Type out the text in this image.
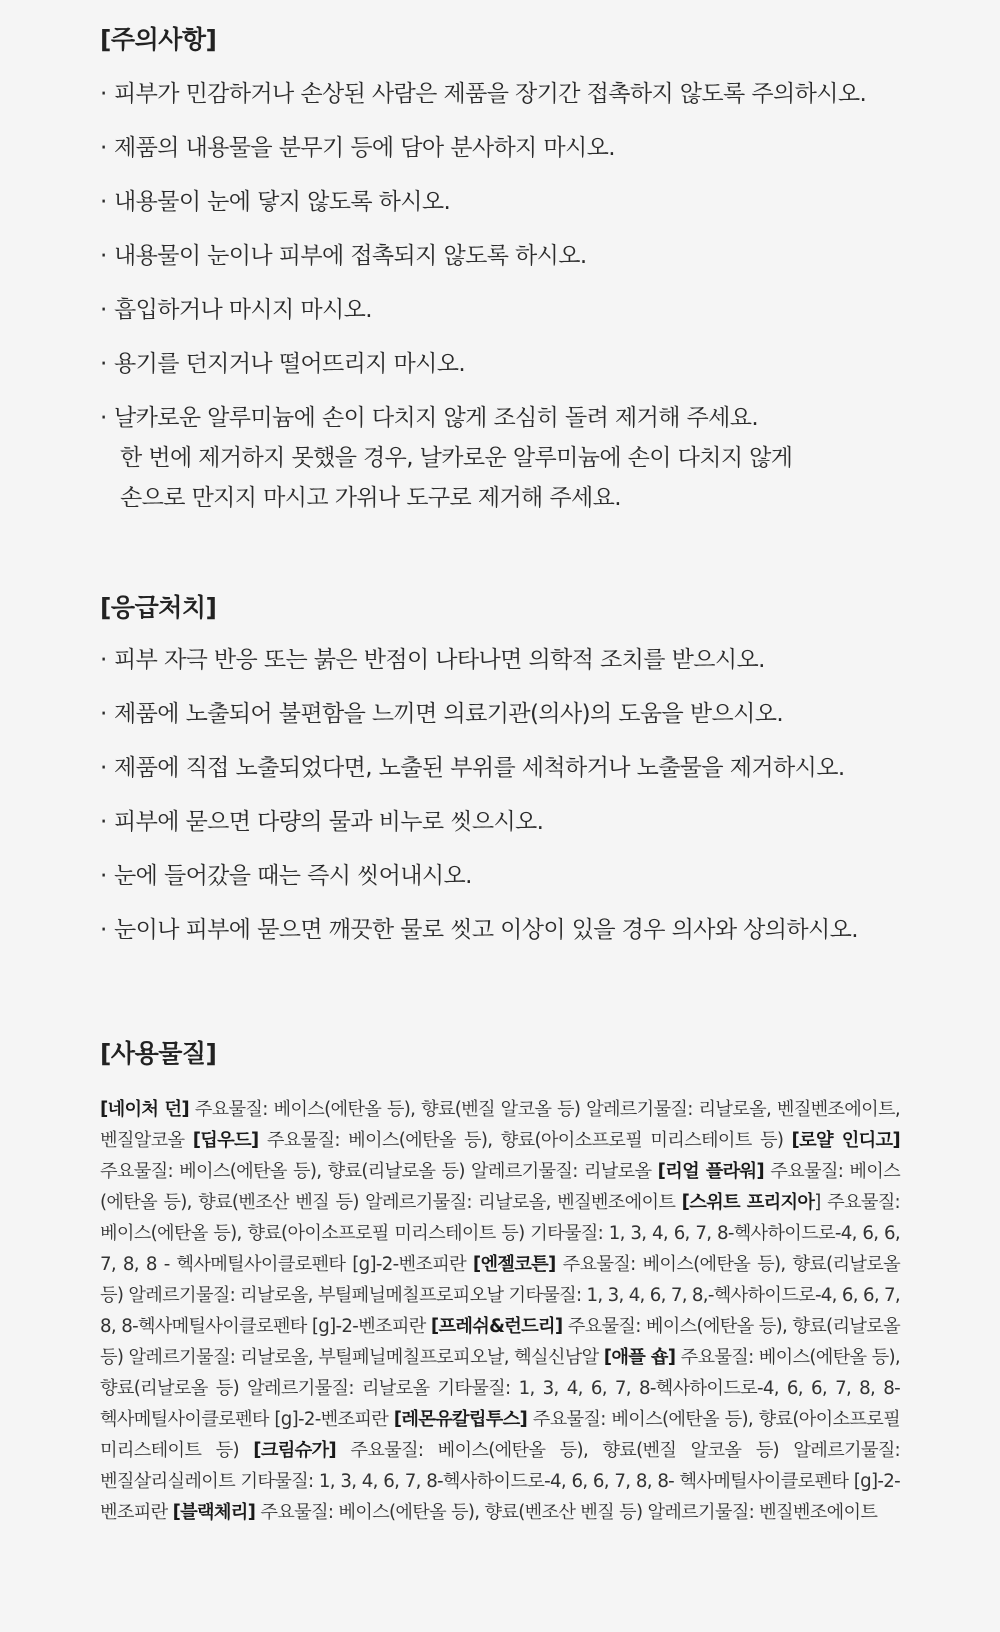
[주의사항]
· 피부가 민감하거나 손상된 사람은 제품을 장기간 접촉하지 않도록 주의하시오.
· 제품의 내용물을 분무기 등에 담아 분사하지 마시오.
· 내용물이 눈에 닿지 않도록 하시오.
· 내용물이 눈이나 피부에 접촉되지 않도록 하시오.
· 흡입하거나 마시지 마시오.
· 용기를 던지거나 떨어뜨리지 마시오.
· 날카로운 알루미늄에 손이 다치지 않게 조심히 돌려 제거해 주세요.
한 번에 제거하지 못했을 경우, 날카로운 알루미늄에 손이 다치지 않게
손으로 만지지 마시고 가위나 도구로 제거해 주세요.
[응급처치]
· 피부 자극 반응 또는 붉은 반점이 나타나면 의학적 조치를 받으시오.
· 제품에 노출되어 불편함을 느끼면 의료기관(의사)의 도움을 받으시오.
· 제품에 직접 노출되었다면, 노출된 부위를 세척하거나 노출물을 제거하시오.
· 피부에 묻으면 다량의 물과 비누로 씻으시오.
· 눈에 들어갔을 때는 즉시 씻어내시오.
· 눈이나 피부에 묻으면 깨끗한 물로 씻고 이상이 있을 경우 의사와 상의하시오.
[사용물질]
[네이처 던] 주요물질: 베이스(에탄올 등), 향료(벤질 알코올 등) 알레르기물질: 리날로올, 벤질벤조에이트, 벤질알코올 [딥우드] 주요물질: 베이스(에탄올 등), 향료(아이소프로필 미리스테이트 등) [로얄 인디고] 주요물질: 베이스(에탄올 등), 향료(리날로올 등) 알레르기물질: 리날로올 [리얼 플라워] 주요물질: 베이스(에탄올 등), 향료(벤조산 벤질 등) 알레르기물질: 리날로올, 벤질벤조에이트 [스위트 프리지아] 주요물질: 베이스(에탄올 등), 향료(아이소프로필 미리스테이트 등) 기타물질: 1, 3, 4, 6, 7, 8-헥사하이드로-4, 6, 6, 7, 8, 8 - 헥사메틸사이클로펜타 [g]-2-벤조피란 [엔젤코튼] 주요물질: 베이스(에탄올 등), 향료(리날로올 등) 알레르기물질: 리날로올, 부틸페닐메칠프로피오날 기타물질: 1, 3, 4, 6, 7, 8,-헥사하이드로-4, 6, 6, 7, 8, 8-헥사메틸사이클로펜타 [g]-2-벤조피란 [프레쉬&런드리] 주요물질: 베이스(에탄올 등), 향료(리날로올 등) 알레르기물질: 리날로올, 부틸페닐메칠프로피오날, 헥실신남알 [애플 숍] 주요물질: 베이스(에탄올 등), 향료(리날로올 등) 알레르기물질: 리날로올 기타물질: 1, 3, 4, 6, 7, 8-헥사하이드로-4, 6, 6, 7, 8, 8-헥사메틸사이클로펜타 [g]-2-벤조피란 [레몬유칼립투스] 주요물질: 베이스(에탄올 등), 향료(아이소프로필 미리스테이트 등) [크림슈가] 주요물질: 베이스(에탄올 등), 향료(벤질 알코올 등) 알레르기물질: 벤질살리실레이트 기타물질: 1, 3, 4, 6, 7, 8-헥사하이드로-4, 6, 6, 7, 8, 8- 헥사메틸사이클로펜타 [g]-2-벤조피란 [블랙체리] 주요물질: 베이스(에탄올 등), 향료(벤조산 벤질 등) 알레르기물질: 벤질벤조에이트
